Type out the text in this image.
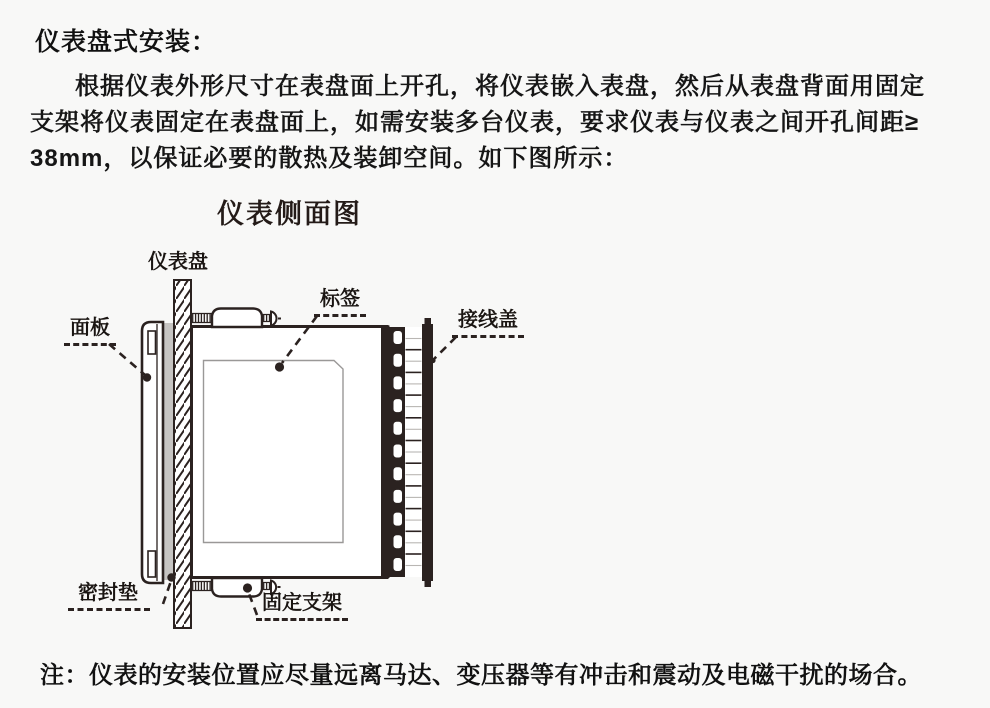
仪表盘式安装：
根据仪表外形尺寸在表盘面上开孔，将仪表嵌入表盘，然后从表盘背面用固定
支架将仪表固定在表盘面上，如需安装多台仪表，要求仪表与仪表之间开孔间距≥
38mm，以保证必要的散热及装卸空间。如下图所示：
仪表侧面图
仪表盘
面板
标签
接线盖
密封垫	固定支架
注：仪表的安装位置应尽量远离马达、变压器等有冲击和震动及电磁干扰的场合。
